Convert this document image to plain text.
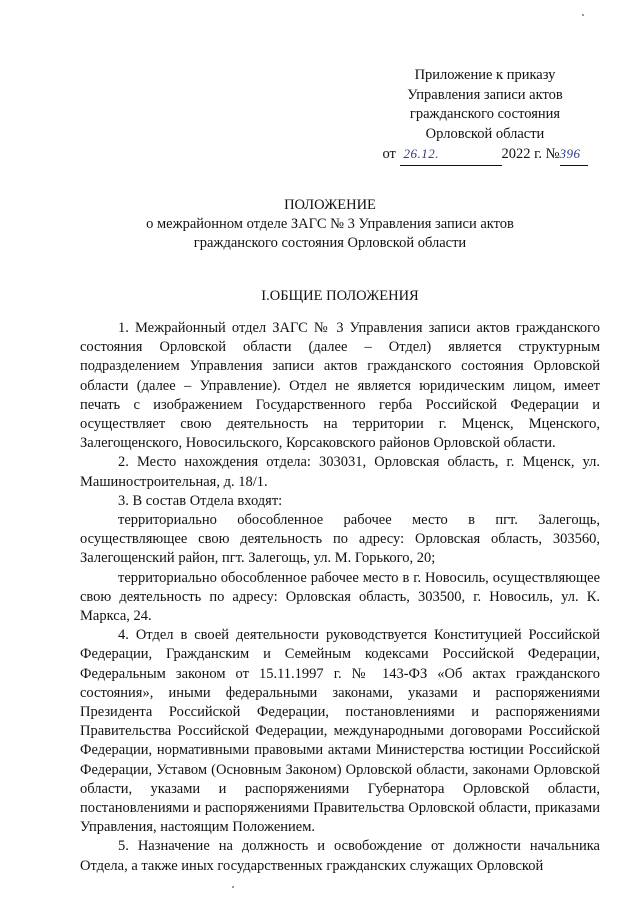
Приложение к приказу
Управления записи актов
гражданского состояния
Орловской области
от 26.12.	2022 г. №396
ПОЛОЖЕНИЕ
о межрайонном отделе ЗАГС № 3 Управления записи актов
гражданского состояния Орловской области
I.ОБЩИЕ ПОЛОЖЕНИЯ

1. Межрайонный отдел ЗАГС № 3 Управления записи актов гражданского состояния Орловской области (далее – Отдел) является структурным подразделением Управления записи актов гражданского состояния Орловской области (далее – Управление). Отдел не является юридическим лицом, имеет печать с изображением Государственного герба Российской Федерации и осуществляет свою деятельность на территории г. Мценск, Мценского, Залегощенского, Новосильского, Корсаковского районов Орловской области.

2. Место нахождения отдела: 303031, Орловская область, г. Мценск, ул. Машиностроительная, д. 18/1.

3. В состав Отдела входят:

территориально обособленное рабочее место в пгт. Залегощь, осуществляющее свою деятельность по адресу: Орловская область, 303560, Залегощенский район, пгт. Залегощь, ул. М. Горького, 20;

территориально обособленное рабочее место в г. Новосиль, осуществляющее свою деятельность по адресу: Орловская область, 303500, г. Новосиль, ул. К. Маркса, 24.

4. Отдел в своей деятельности руководствуется Конституцией Российской Федерации, Гражданским и Семейным кодексами Российской Федерации, Федеральным законом от 15.11.1997 г. № 143-ФЗ «Об актах гражданского состояния», иными федеральными законами, указами и распоряжениями Президента Российской Федерации, постановлениями и распоряжениями Правительства Российской Федерации, международными договорами Российской Федерации, нормативными правовыми актами Министерства юстиции Российской Федерации, Уставом (Основным Законом) Орловской области, законами Орловской области, указами и распоряжениями Губернатора Орловской области, постановлениями и распоряжениями Правительства Орловской области, приказами Управления, настоящим Положением.

5. Назначение на должность и освобождение от должности начальника Отдела, а также иных государственных гражданских служащих Орловской
